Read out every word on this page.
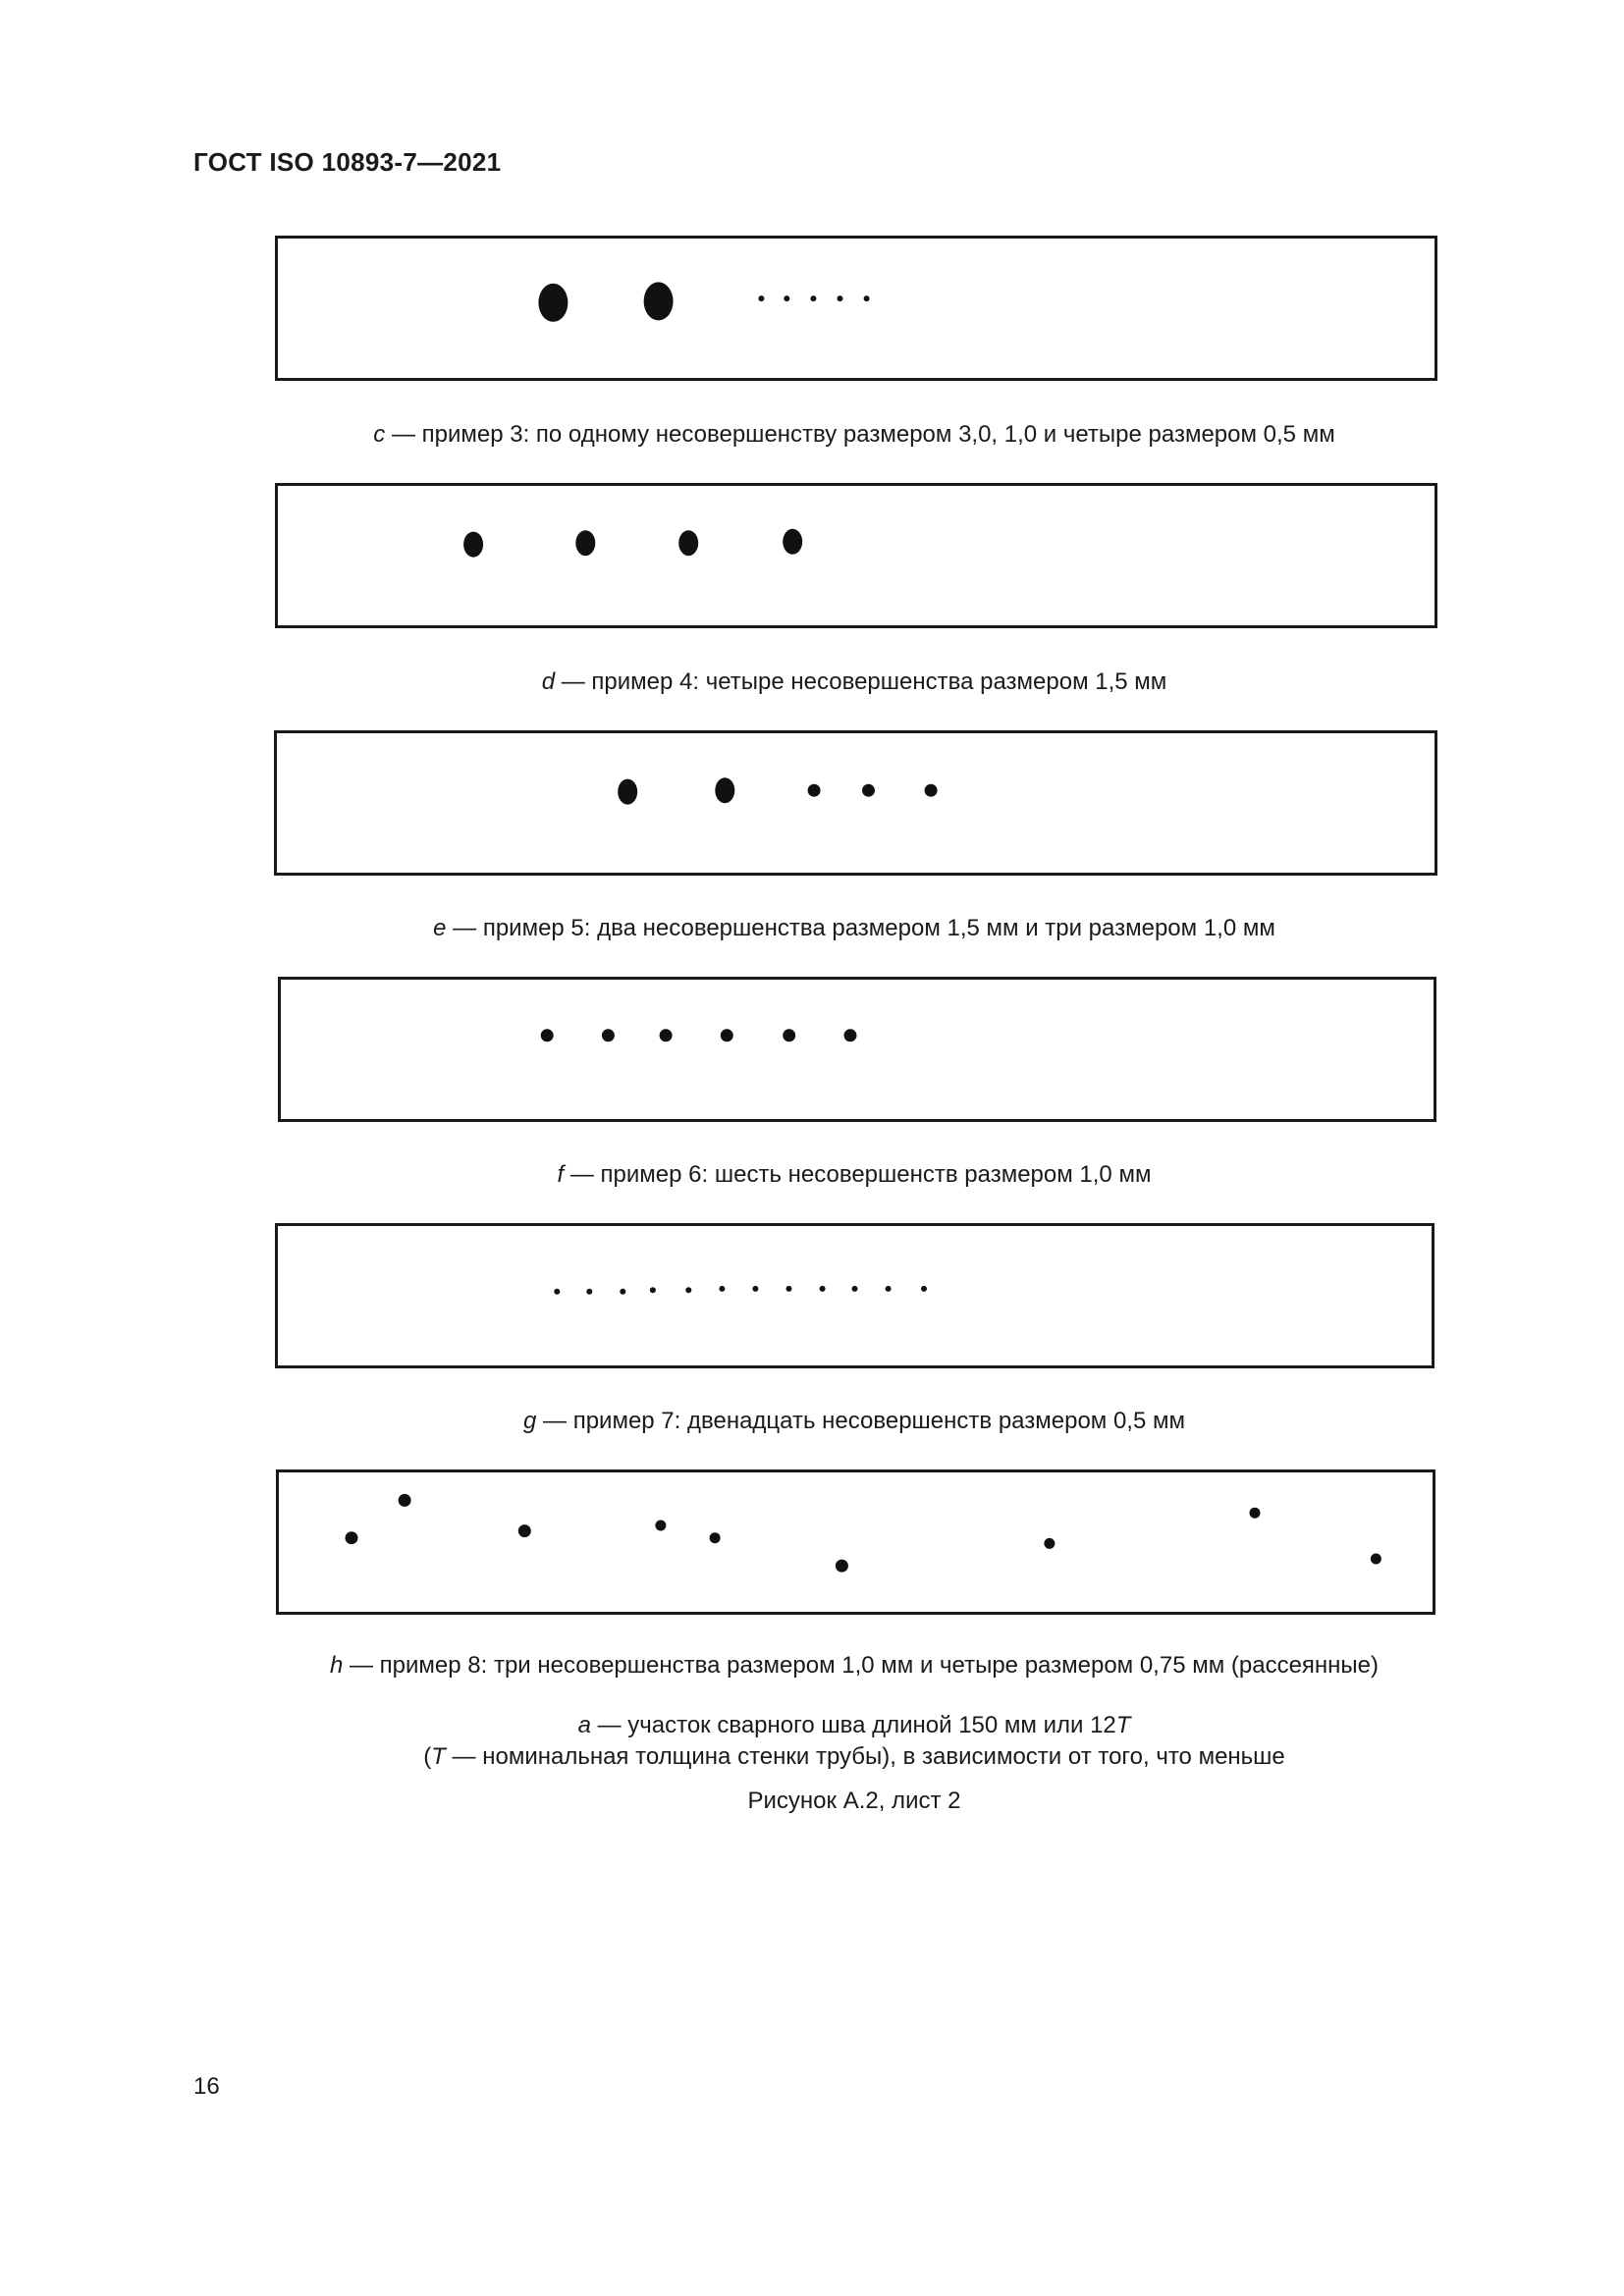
ГОСТ ISO 10893-7—2021
c — пример 3: по одному несовершенству размером 3,0, 1,0 и четыре размером 0,5 мм
d — пример 4: четыре несовершенства размером 1,5 мм
e — пример 5: два несовершенства размером 1,5 мм и три размером 1,0 мм
f — пример 6: шесть несовершенств размером 1,0 мм
g — пример 7: двенадцать несовершенств размером 0,5 мм
h — пример 8: три несовершенства размером 1,0 мм и четыре размером 0,75 мм (рассеянные)
a — участок сварного шва длиной 150 мм или 12T
(T — номинальная толщина стенки трубы), в зависимости от того, что меньше
Рисунок А.2, лист 2
16
